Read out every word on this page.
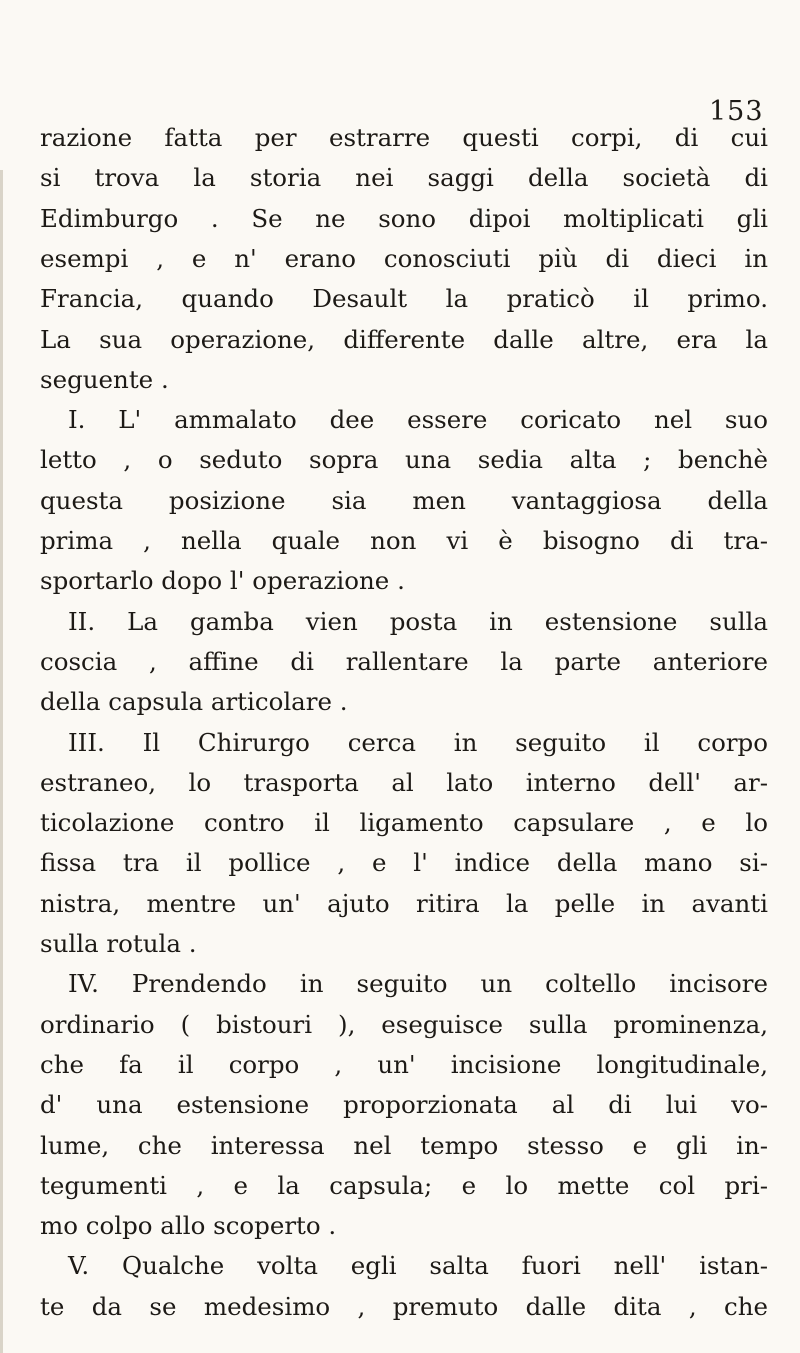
153
razione fatta per estrarre questi corpi, di cui
si trova la storia nei saggi della società di
Edimburgo . Se ne sono dipoi moltiplicati gli
esempi , e n' erano conosciuti più di dieci in
Francia, quando Desault la praticò il primo.
La sua operazione, differente dalle altre, era la
seguente .
I. L' ammalato dee essere coricato nel suo
letto , o seduto sopra una sedia alta ; benchè
questa posizione sia men vantaggiosa della
prima , nella quale non vi è bisogno di tra-
sportarlo dopo l' operazione .
II. La gamba vien posta in estensione sulla
coscia , affine di rallentare la parte anteriore
della capsula articolare .
III. Il Chirurgo cerca in seguito il corpo
estraneo, lo trasporta al lato interno dell' ar-
ticolazione contro il ligamento capsulare , e lo
fissa tra il pollice , e l' indice della mano si-
nistra, mentre un' ajuto ritira la pelle in avanti
sulla rotula .
IV. Prendendo in seguito un coltello incisore
ordinario ( bistouri ), eseguisce sulla prominenza,
che fa il corpo , un' incisione longitudinale,
d' una estensione proporzionata al di lui vo-
lume, che interessa nel tempo stesso e gli in-
tegumenti , e la capsula; e lo mette col pri-
mo colpo allo scoperto .
V. Qualche volta egli salta fuori nell' istan-
te da se medesimo , premuto dalle dita , che
